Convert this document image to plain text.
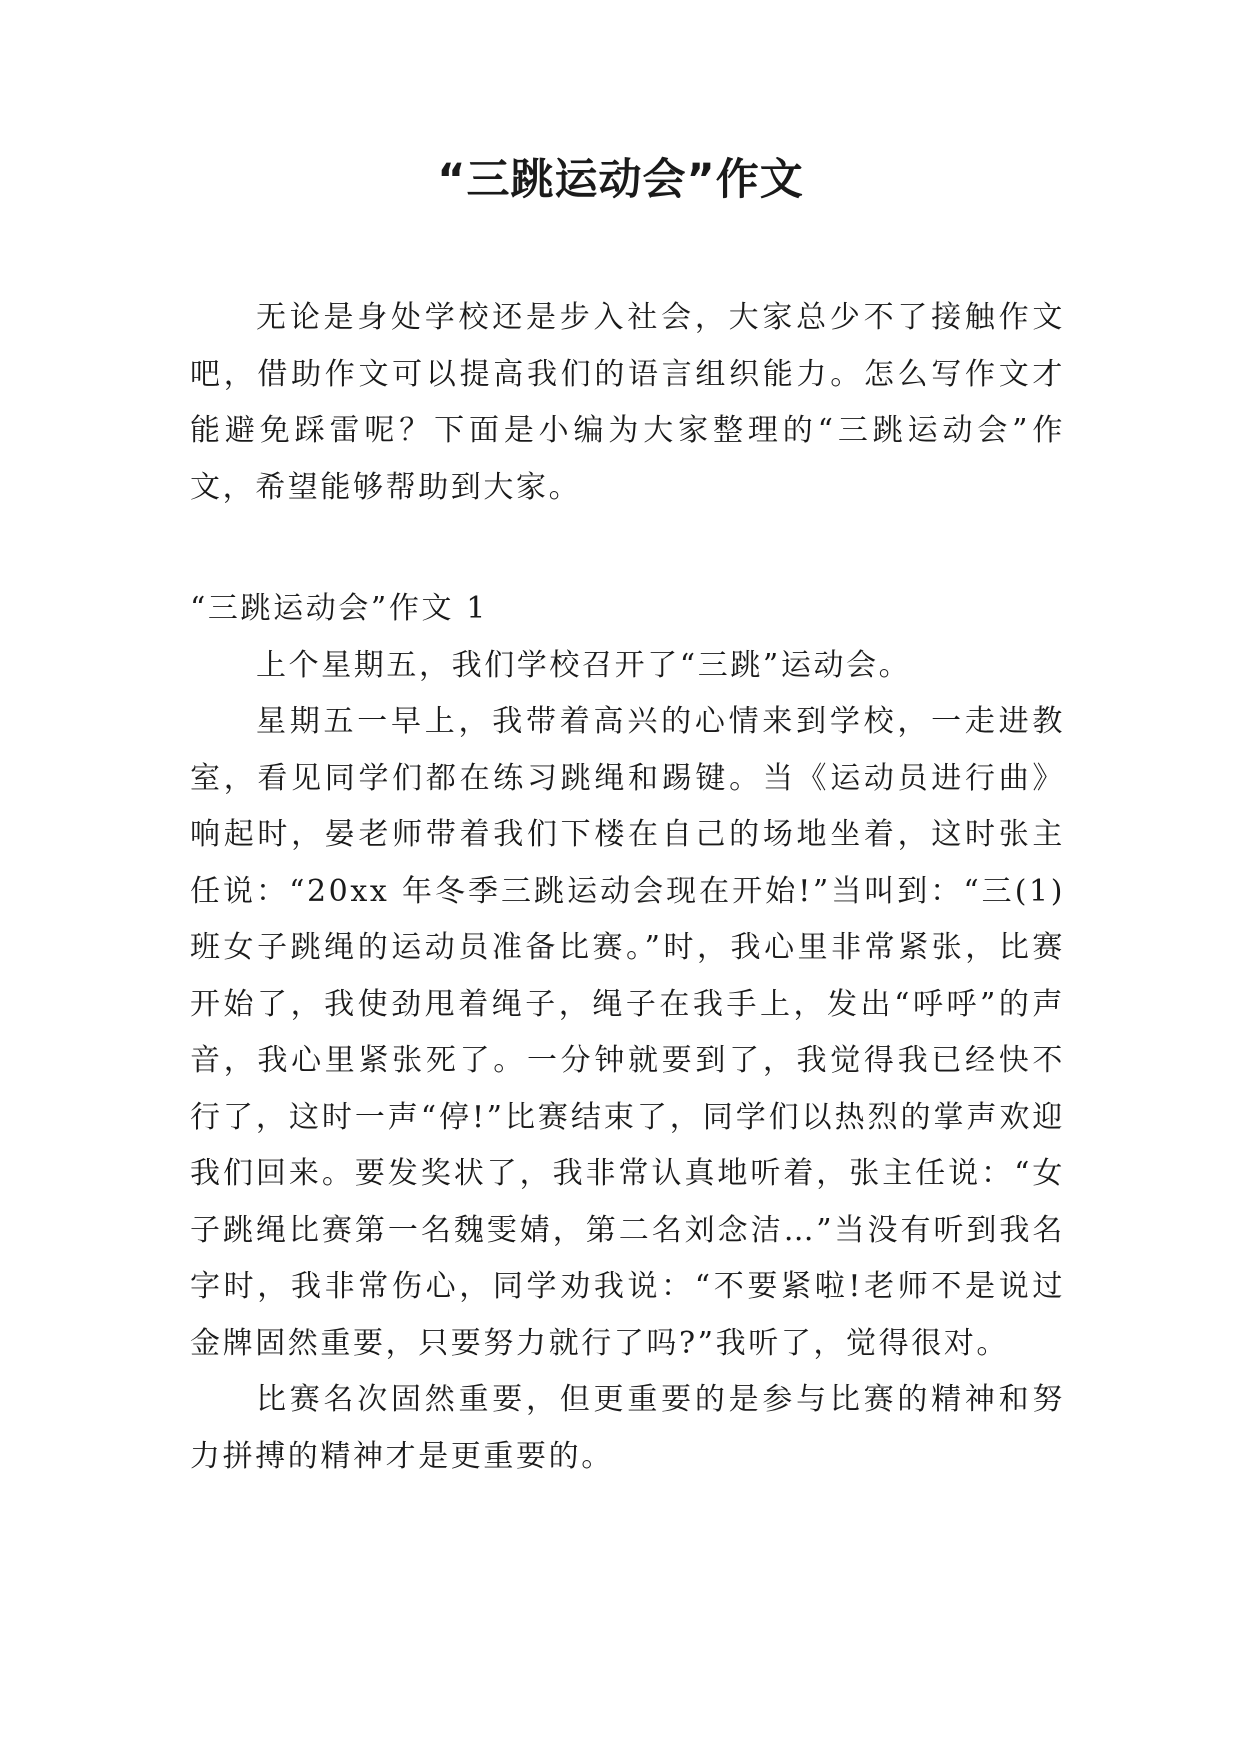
“三跳运动会”作文

无论是身处学校还是步入社会，大家总少不了接触作文吧，借助作文可以提高我们的语言组织能力。怎么写作文才能避免踩雷呢？下面是小编为大家整理的“三跳运动会”作文，希望能够帮助到大家。

“三跳运动会”作文 1

上个星期五，我们学校召开了“三跳”运动会。

星期五一早上，我带着高兴的心情来到学校，一走进教室，看见同学们都在练习跳绳和踢键。当《运动员进行曲》响起时，晏老师带着我们下楼在自己的场地坐着，这时张主任说：“20xx 年冬季三跳运动会现在开始!”当叫到：“三(1)班女子跳绳的运动员准备比赛。”时，我心里非常紧张，比赛开始了，我使劲甩着绳子，绳子在我手上，发出“呼呼”的声音，我心里紧张死了。一分钟就要到了，我觉得我已经快不行了，这时一声“停!”比赛结束了，同学们以热烈的掌声欢迎我们回来。要发奖状了，我非常认真地听着，张主任说：“女子跳绳比赛第一名魏雯婧，第二名刘念洁…”当没有听到我名字时，我非常伤心，同学劝我说：“不要紧啦!老师不是说过金牌固然重要，只要努力就行了吗?”我听了，觉得很对。

比赛名次固然重要，但更重要的是参与比赛的精神和努力拼搏的精神才是更重要的。
